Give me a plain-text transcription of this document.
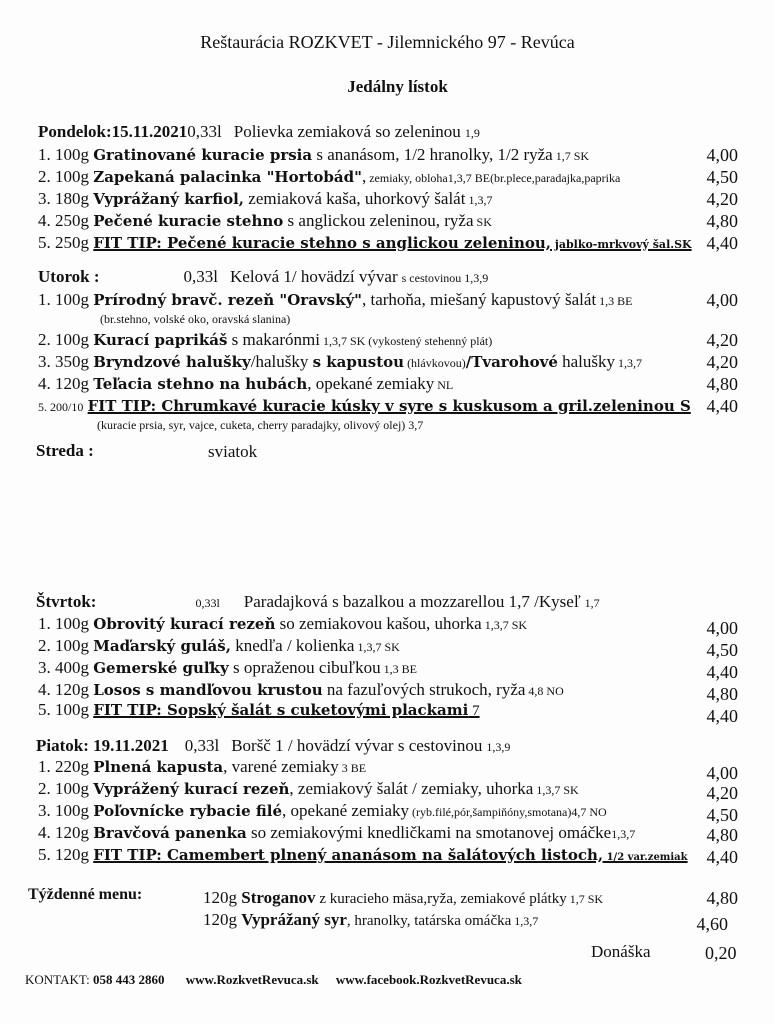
Reštaurácia ROZKVET - Jilemnického 97 - Revúca
Jedálny lístok
Pondelok:15.11.20210,33l Polievka zemiaková so zeleninou 1,9
1. 100g Gratinované kuracie prsia s ananásom, 1/2 hranolky, 1/2 ryža 1,7 SK	4,00
2. 100g Zapekaná palacinka "Hortobád", zemiaky, obloha1,3,7 BE(br.plece,paradajka,paprika	4,50
3. 180g Vyprážaný karfiol, zemiaková kaša, uhorkový šalát 1,3,7	4,20
4. 250g Pečené kuracie stehno s anglickou zeleninou, ryža SK	4,80
5. 250g FIT TIP: Pečené kuracie stehno s anglickou zeleninou, jablko-mrkvový šal.SK 4,40
Utorok :	0,33l Kelová 1/ hovädzí vývar s cestovinou 1,3,9
1. 100g Prírodný bravč. rezeň "Oravský", tarhoňa, miešaný kapustový šalát 1,3 BE	4,00
(br.stehno, volské oko, oravská slanina)
2. 100g Kurací paprikáš s makarónmi 1,3,7 SK (vykostený stehenný plát)	4,20
3. 350g Bryndzové halušky/halušky s kapustou (hlávkovou)/Tvarohové halušky 1,3,7	4,20
4. 120g Teľacia stehno na hubách, opekané zemiaky NL	4,80
5. 200/10 FIT TIP: Chrumkavé kuracie kúsky v syre s kuskusom a gril.zeleninou S 4,40
(kuracie prsia, syr, vajce, cuketa, cherry paradajky, olivový olej) 3,7
Streda :	sviatok
Štvrtok:	0,33l Paradajková s bazalkou a mozzarellou 1,7 /Kyseľ 1,7
1. 100g Obrovitý kurací rezeň so zemiakovou kašou, uhorka 1,3,7 SK	4,00
2. 100g Maďarský guláš, knedľa / kolienka 1,3,7 SK	4,50
3. 400g Gemerské guľky s opraženou cibuľkou 1,3 BE	4,40
4. 120g Losos s mandľovou krustou na fazuľových strukoch, ryža 4,8 NO	4,80
5. 100g FIT TIP: Sopský šalát s cuketovými plackami 7	4,40
Piatok: 19.11.2021 0,33l Boršč 1 / hovädzí vývar s cestovinou 1,3,9
1. 220g Plnená kapusta, varené zemiaky 3 BE	4,00
2. 100g Vyprážený kurací rezeň, zemiakový šalát / zemiaky, uhorka 1,3,7 SK	4,20
3. 100g Poľovnícke rybacie filé, opekané zemiaky (ryb.filé,pór,šampiňóny,smotana)4,7 NO	4,50
4. 120g Bravčová panenka so zemiakovými knedličkami na smotanovej omáčke1,3,7	4,80
5. 120g FIT TIP: Camembert plnený ananásom na šalátových listoch, 1/2 var.zemiak 4,40
Týždenné menu:	120g Stroganov z kuracieho mäsa,ryža, zemiakové plátky 1,7 SK	4,80
120g Vyprážaný syr, hranolky, tatárska omáčka 1,3,7	4,60
Donáška	0,20
KONTAKT: 058 443 2860 www.RozkvetRevuca.sk www.facebook.RozkvetRevuca.sk
